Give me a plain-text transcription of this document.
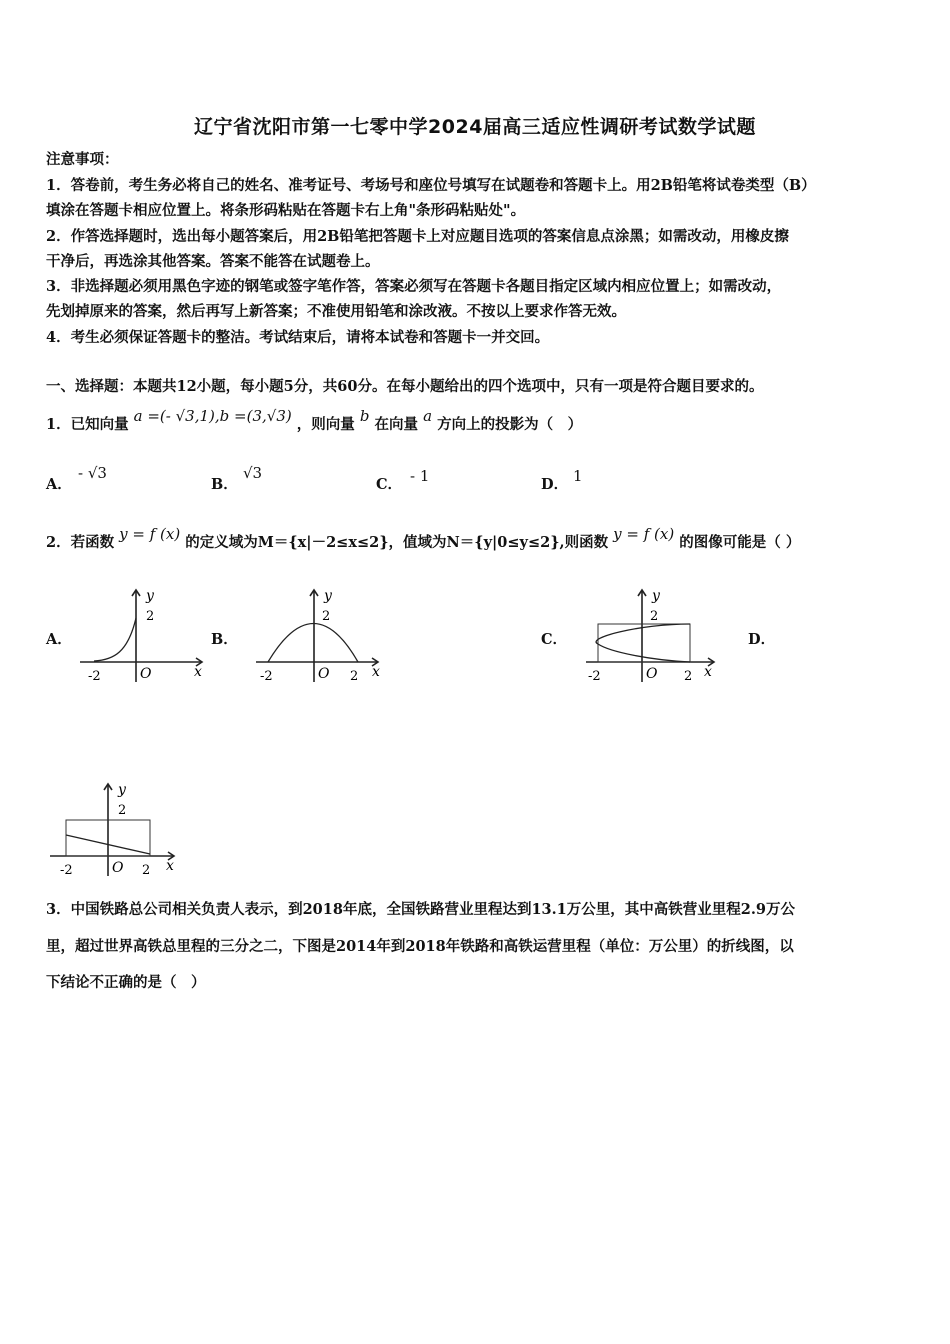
辽宁省沈阳市第一七零中学2024届高三适应性调研考试数学试题
注意事项：
1．答卷前，考生务必将自己的姓名、准考证号、考场号和座位号填写在试题卷和答题卡上。用2B铅笔将试卷类型（B）
填涂在答题卡相应位置上。将条形码粘贴在答题卡右上角"条形码粘贴处"。
2．作答选择题时，选出每小题答案后，用2B铅笔把答题卡上对应题目选项的答案信息点涂黑；如需改动，用橡皮擦
干净后，再选涂其他答案。答案不能答在试题卷上。
3．非选择题必须用黑色字迹的钢笔或签字笔作答，答案必须写在答题卡各题目指定区域内相应位置上；如需改动，
先划掉原来的答案，然后再写上新答案；不准使用铅笔和涂改液。不按以上要求作答无效。
4．考生必须保证答题卡的整洁。考试结束后，请将本试卷和答题卡一并交回。
一、选择题：本题共12小题，每小题5分，共60分。在每小题给出的四个选项中，只有一项是符合题目要求的。
1．已知向量 a =(- √3,1),b =(3,√3) ，则向量 b 在向量 a 方向上的投影为（　）
A．
- √3
B．
√3
C． - 1	D． 1
2．若函数 y = f (x) 的定义域为M＝{x|－2≤x≤2}，值域为N＝{y|0≤y≤2},则函数 y = f (x) 的图像可能是（ ）
A．	B．	C．	D．
y
2
-2	O	x
y
2
-2	O 2 x
y
2
-2	O 2 x
y
2
-2	O 2 x
3．中国铁路总公司相关负责人表示，到2018年底，全国铁路营业里程达到13.1万公里，其中高铁营业里程2.9万公
里，超过世界高铁总里程的三分之二，下图是2014年到2018年铁路和高铁运营里程（单位：万公里）的折线图，以
下结论不正确的是（　）
